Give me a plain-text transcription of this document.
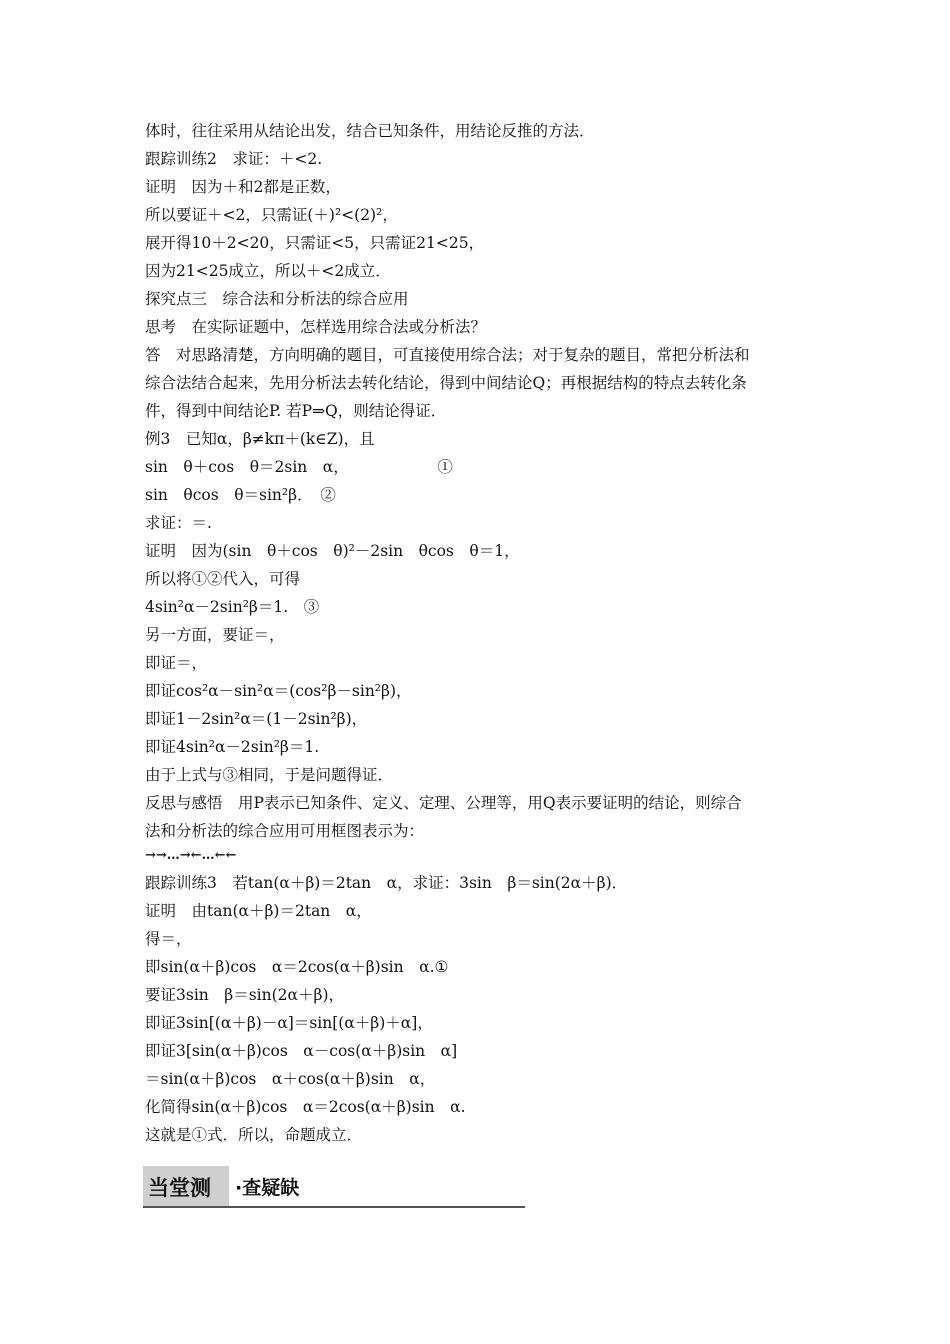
体时，往往采用从结论出发，结合已知条件，用结论反推的方法．
跟踪训练2　求证：＋<2.
证明　因为＋和2都是正数，
所以要证＋<2，只需证(＋)²<(2)²，
展开得10＋2<20，只需证<5，只需证21<25，
因为21<25成立，所以＋<2成立．
探究点三　综合法和分析法的综合应用
思考　在实际证题中，怎样选用综合法或分析法？
答　对思路清楚，方向明确的题目，可直接使用综合法；对于复杂的题目，常把分析法和
综合法结合起来，先用分析法去转化结论，得到中间结论Q；再根据结构的特点去转化条
件，得到中间结论P. 若P⇒Q，则结论得证．
例3　已知α，β≠kπ＋(k∈Z)，且
sin　θ＋cos　θ＝2sin　α，                  ①
sin　θcos　θ＝sin²β．　②
求证：＝.
证明　因为(sin　θ＋cos　θ)²－2sin　θcos　θ＝1，
所以将①②代入，可得
4sin²α－2sin²β＝1.　③
另一方面，要证＝，
即证＝，
即证cos²α－sin²α＝(cos²β－sin²β)，
即证1－2sin²α＝(1－2sin²β)，
即证4sin²α－2sin²β＝1.
由于上式与③相同，于是问题得证．
反思与感悟　用P表示已知条件、定义、定理、公理等，用Q表示要证明的结论，则综合
法和分析法的综合应用可用框图表示为：
→→…→←…←←
跟踪训练3　若tan(α＋β)＝2tan　α，求证：3sin　β＝sin(2α＋β)．
证明　由tan(α＋β)＝2tan　α，
得＝，
即sin(α＋β)cos　α＝2cos(α＋β)sin　α.①
要证3sin　β＝sin(2α＋β)，
即证3sin[(α＋β)－α]＝sin[(α＋β)＋α]，
即证3[sin(α＋β)cos　α－cos(α＋β)sin　α]
＝sin(α＋β)cos　α＋cos(α＋β)sin　α，
化简得sin(α＋β)cos　α＝2cos(α＋β)sin　α.
这就是①式．所以，命题成立．
当堂测 ·查疑缺
